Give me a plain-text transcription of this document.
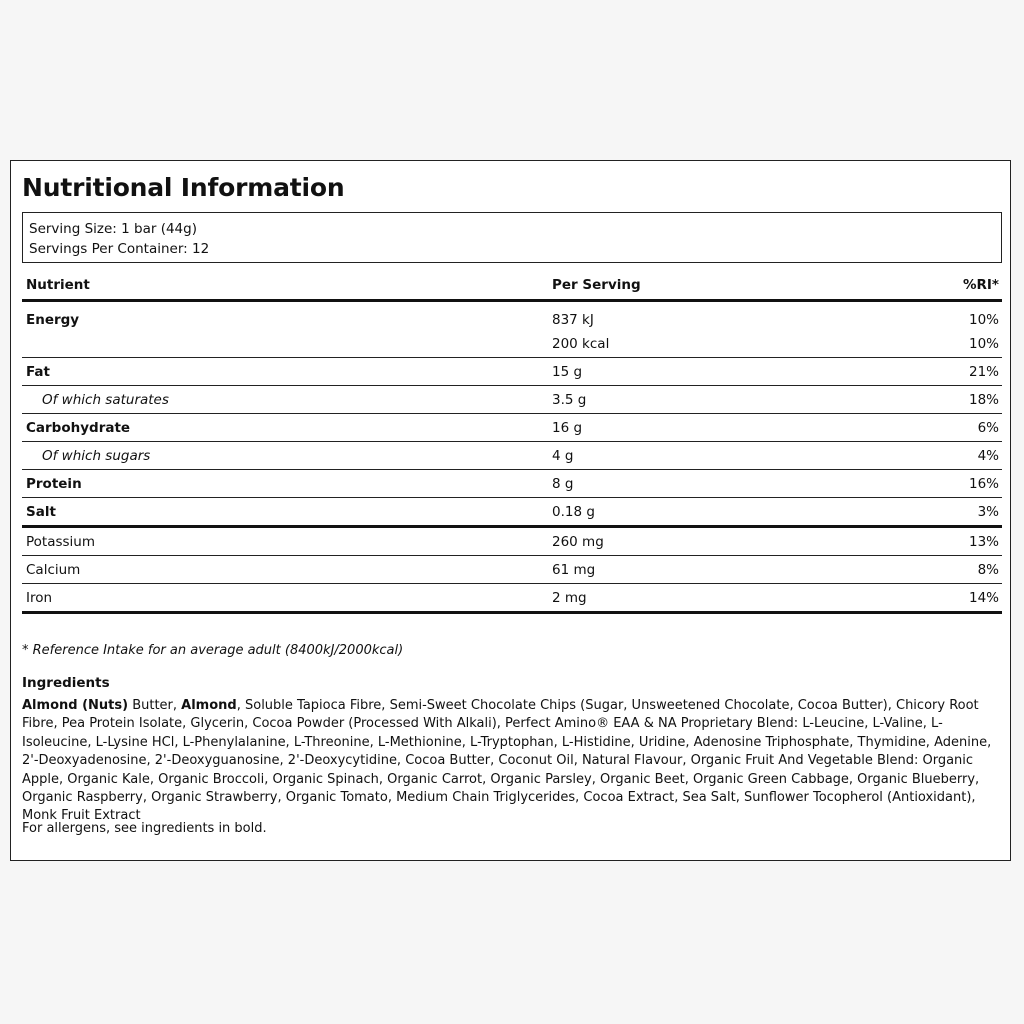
Nutritional Information
Serving Size: 1 bar (44g)
Servings Per Container: 12
Nutrient	Per Serving	%RI*
Energy	837 kJ	10%
	200 kcal	10%
Fat	15 g	21%
Of which saturates	3.5 g	18%
Carbohydrate	16 g	6%
Of which sugars	4 g	4%
Protein	8 g	16%
Salt	0.18 g	3%
Potassium	260 mg	13%
Calcium	61 mg	8%
Iron	2 mg	14%
* Reference Intake for an average adult (8400kJ/2000kcal)
Ingredients
Almond (Nuts) Butter, Almond, Soluble Tapioca Fibre, Semi-Sweet Chocolate Chips (Sugar, Unsweetened Chocolate, Cocoa Butter), Chicory Root Fibre, Pea Protein Isolate, Glycerin, Cocoa Powder (Processed With Alkali), Perfect Amino® EAA & NA Proprietary Blend: L-Leucine, L-Valine, L-Isoleucine, L-Lysine HCl, L-Phenylalanine, L-Threonine, L-Methionine, L-Tryptophan, L-Histidine, Uridine, Adenosine Triphosphate, Thymidine, Adenine, 2'-Deoxyadenosine, 2'-Deoxyguanosine, 2'-Deoxycytidine, Cocoa Butter, Coconut Oil, Natural Flavour, Organic Fruit And Vegetable Blend: Organic Apple, Organic Kale, Organic Broccoli, Organic Spinach, Organic Carrot, Organic Parsley, Organic Beet, Organic Green Cabbage, Organic Blueberry, Organic Raspberry, Organic Strawberry, Organic Tomato, Medium Chain Triglycerides, Cocoa Extract, Sea Salt, Sunflower Tocopherol (Antioxidant), Monk Fruit Extract
For allergens, see ingredients in bold.
